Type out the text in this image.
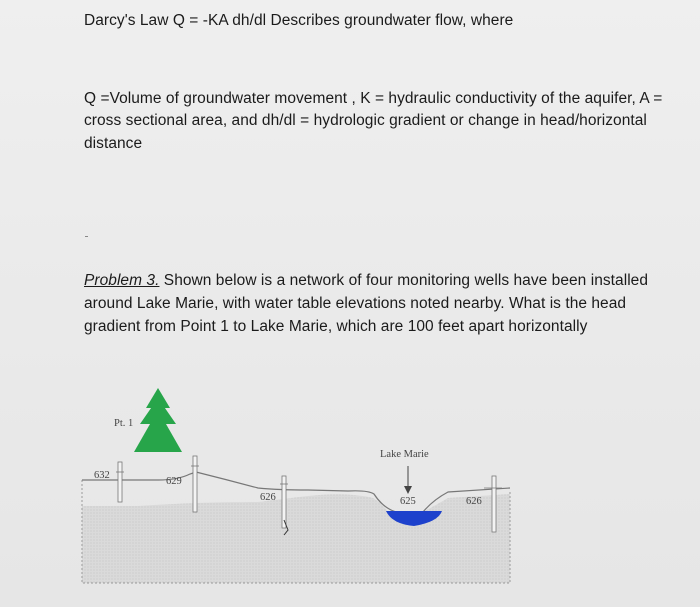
Darcy's Law Q = -KA dh/dl Describes groundwater flow, where
Q =Volume of groundwater movement , K = hydraulic conductivity of the aquifer, A =
cross sectional area, and dh/dl = hydrologic gradient or change in head/horizontal
distance
Problem 3. Shown below is a network of four monitoring wells have been installed
around Lake Marie, with water table elevations noted nearby. What is the head
gradient from Point 1 to Lake Marie, which are 100 feet apart horizontally
Pt. 1
632
629
626
Lake Marie
625	626
